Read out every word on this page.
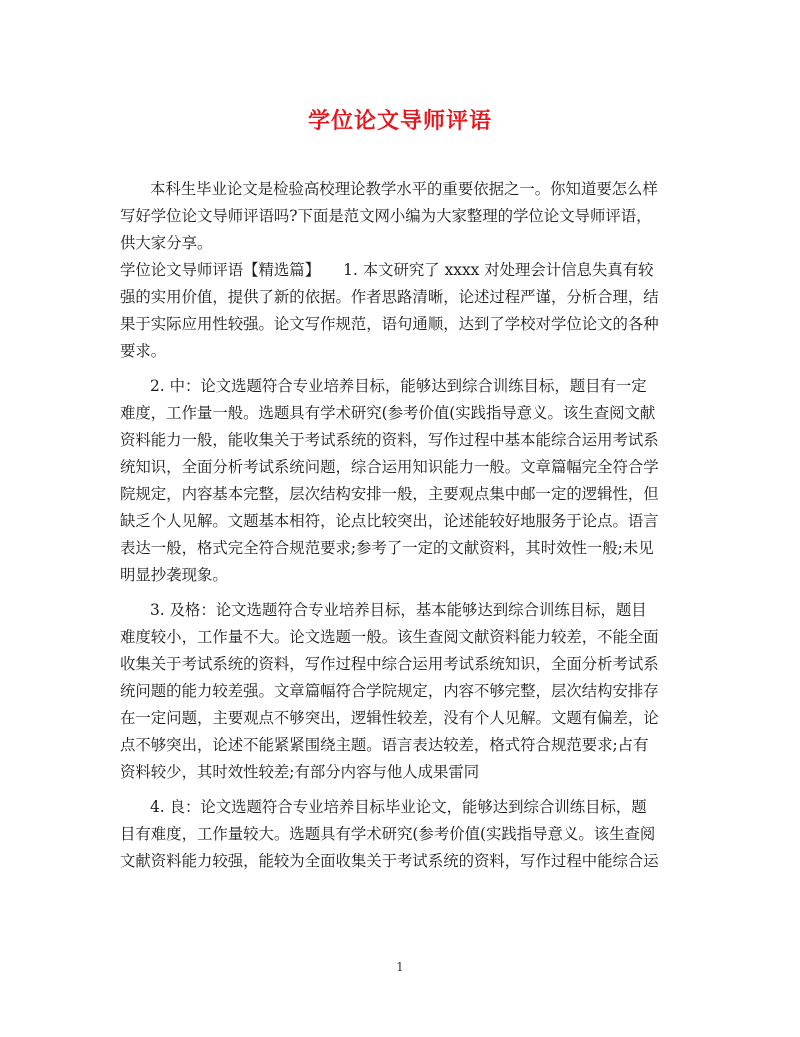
学位论文导师评语

本科生毕业论文是检验高校理论教学水平的重要依据之一。你知道要怎么样
写好学位论文导师评语吗?下面是范文网小编为大家整理的学位论文导师评语，
供大家分享。

学位论文导师评语【精选篇】　　1. 本文研究了 xxxx 对处理会计信息失真有较
强的实用价值，提供了新的依据。作者思路清晰，论述过程严谨，分析合理，结
果于实际应用性较强。论文写作规范，语句通顺，达到了学校对学位论文的各种
要求。

2. 中：论文选题符合专业培养目标，能够达到综合训练目标，题目有一定
难度，工作量一般。选题具有学术研究(参考价值(实践指导意义。该生查阅文献
资料能力一般，能收集关于考试系统的资料，写作过程中基本能综合运用考试系
统知识，全面分析考试系统问题，综合运用知识能力一般。文章篇幅完全符合学
院规定，内容基本完整，层次结构安排一般，主要观点集中邮一定的逻辑性，但
缺乏个人见解。文题基本相符，论点比较突出，论述能较好地服务于论点。语言
表达一般，格式完全符合规范要求;参考了一定的文献资料，其时效性一般;未见
明显抄袭现象。

3. 及格：论文选题符合专业培养目标，基本能够达到综合训练目标，题目
难度较小，工作量不大。论文选题一般。该生查阅文献资料能力较差，不能全面
收集关于考试系统的资料，写作过程中综合运用考试系统知识，全面分析考试系
统问题的能力较差强。文章篇幅符合学院规定，内容不够完整，层次结构安排存
在一定问题，主要观点不够突出，逻辑性较差，没有个人见解。文题有偏差，论
点不够突出，论述不能紧紧围绕主题。语言表达较差，格式符合规范要求;占有
资料较少，其时效性较差;有部分内容与他人成果雷同

4. 良：论文选题符合专业培养目标毕业论文，能够达到综合训练目标，题
目有难度，工作量较大。选题具有学术研究(参考价值(实践指导意义。该生查阅
文献资料能力较强，能较为全面收集关于考试系统的资料，写作过程中能综合运

1
